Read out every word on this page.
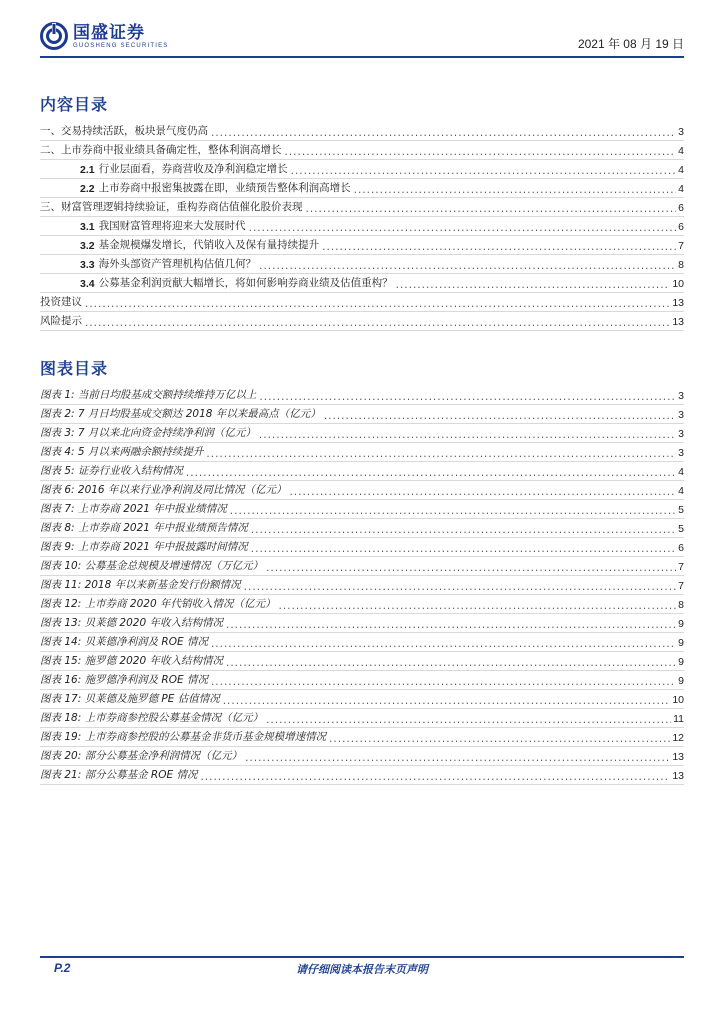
国盛证券
GUOSHENG SECURITIES	2021 年 08 月 19 日
内容目录
一、交易持续活跃，板块景气度仍高 .....	3
二、上市券商中报业绩具备确定性，整体利润高增长 .....	4
2.1 行业层面看，券商营收及净利润稳定增长 .....	4
2.2 上市券商中报密集披露在即，业绩预告整体利润高增长 .....	4
三、财富管理逻辑持续验证，重构券商估值催化股价表现 .....	6
3.1 我国财富管理将迎来大发展时代 .....	6
3.2 基金规模爆发增长，代销收入及保有量持续提升 .....	7
3.3 海外头部资产管理机构估值几何？ .....	8
3.4 公募基金利润贡献大幅增长，将如何影响券商业绩及估值重构？ .....	10
投资建议 .....	13
风险提示 .....	13
图表目录
图表 1: 当前日均股基成交额持续维持万亿以上 .....	3
图表 2: 7 月日均股基成交额达 2018 年以来最高点（亿元） .....	3
图表 3: 7 月以来北向资金持续净利润（亿元） .....	3
图表 4: 5 月以来两融余额持续提升 .....	3
图表 5: 证券行业收入结构情况 .....	4
图表 6: 2016 年以来行业净利润及同比情况（亿元） .....	4
图表 7: 上市券商 2021 年中报业绩情况 .....	5
图表 8: 上市券商 2021 年中报业绩预告情况 .....	5
图表 9: 上市券商 2021 年中报披露时间情况 .....	6
图表 10: 公募基金总规模及增速情况（万亿元） .....	7
图表 11: 2018 年以来新基金发行份额情况 .....	7
图表 12: 上市券商 2020 年代销收入情况（亿元） .....	8
图表 13: 贝莱德 2020 年收入结构情况 .....	9
图表 14: 贝莱德净利润及 ROE 情况 .....	9
图表 15: 施罗德 2020 年收入结构情况 .....	9
图表 16: 施罗德净利润及 ROE 情况 .....	9
图表 17: 贝莱德及施罗德 PE 估值情况 .....	10
图表 18: 上市券商参控股公募基金情况（亿元） .....	11
图表 19: 上市券商参控股的公募基金非货币基金规模增速情况 .....	12
图表 20: 部分公募基金净利润情况（亿元） .....	13
图表 21: 部分公募基金 ROE 情况 .....	13
P.2	请仔细阅读本报告末页声明
